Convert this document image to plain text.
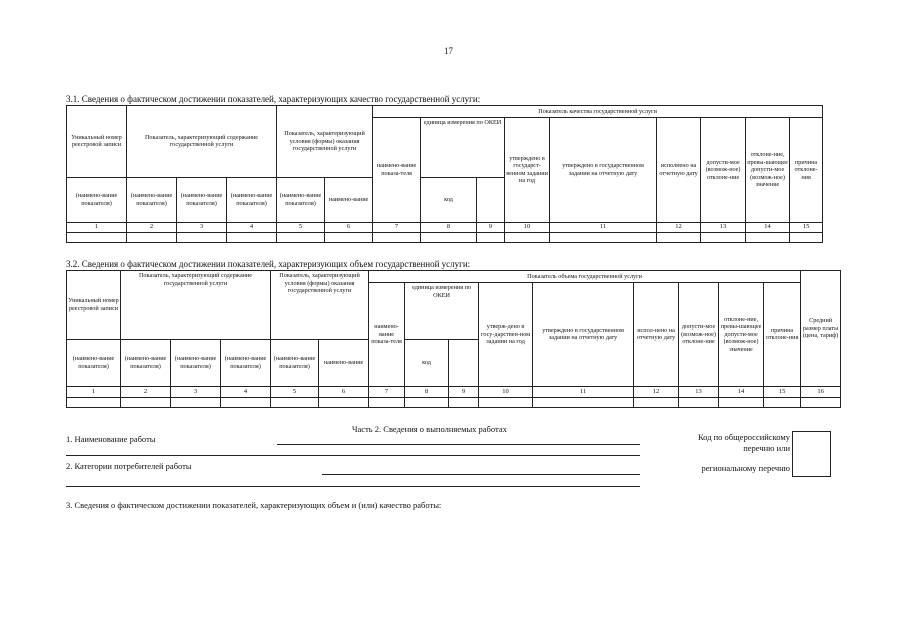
17
3.1. Сведения о фактическом достижении показателей, характеризующих качество государственной услуги:
Уникальный номер реестровой записи	Показатель, характеризующий содержание государственной услуги			Показатель, характеризующий условия (формы) оказания государственной услуги		Показатель качества государственной услуги								
						наимено-вание показа-теля	единица измерения по ОКЕИ		утверждено в государст-венном задании на год	утверждено в государственном задании на отчетную дату	исполнено на отчетную дату	допусти-мое (возмож-ное) отклоне-ние	отклоне-ние, превы-шающее допусти-мое (возмож-ное) значение	причина отклоне-ния
(наимено-вание показателя)	(наимено-вание показателя)	(наимено-вание показателя)	(наимено-вание показателя)	(наимено-вание показателя)	наимено-вание		код							
1	2	3	4	5	6	7	8	9	10	11	12	13	14	15

3.2. Сведения о фактическом достижении показателей, характеризующих объем государственной услуги:
Уникальный номер реестровой записи	Показатель, характеризующий содержание государственной услуги			Показатель, характеризующий условия (формы) оказания государственной услуги		Показатель объема государственной услуги									Средний размер платы (цена, тариф)
						наимено-вание показа-теля	единица измерения по ОКЕИ		утверж-дено в госу-дарствен-ном задании на год	утверждено в государственном задании на отчетную дату	испол-нено на отчетную дату	допусти-мое (возмож-ное) отклоне-ние	отклоне-ние, превы-шающее допусти-мое (возмож-ное) значение	причина отклоне-ния	
(наимено-вание показателя)	(наимено-вание показателя)	(наимено-вание показателя)	(наимено-вание показателя)	(наимено-вание показателя)	наимено-вание		код								
1	2	3	4	5	6	7	8	9	10	11	12	13	14	15	16

Часть 2. Сведения о выполняемых работах
1. Наименование работы
2. Категории потребителей работы
Код по общероссийскому
перечню или
региональному перечню
3. Сведения о фактическом достижении показателей, характеризующих объем и (или) качество работы:
